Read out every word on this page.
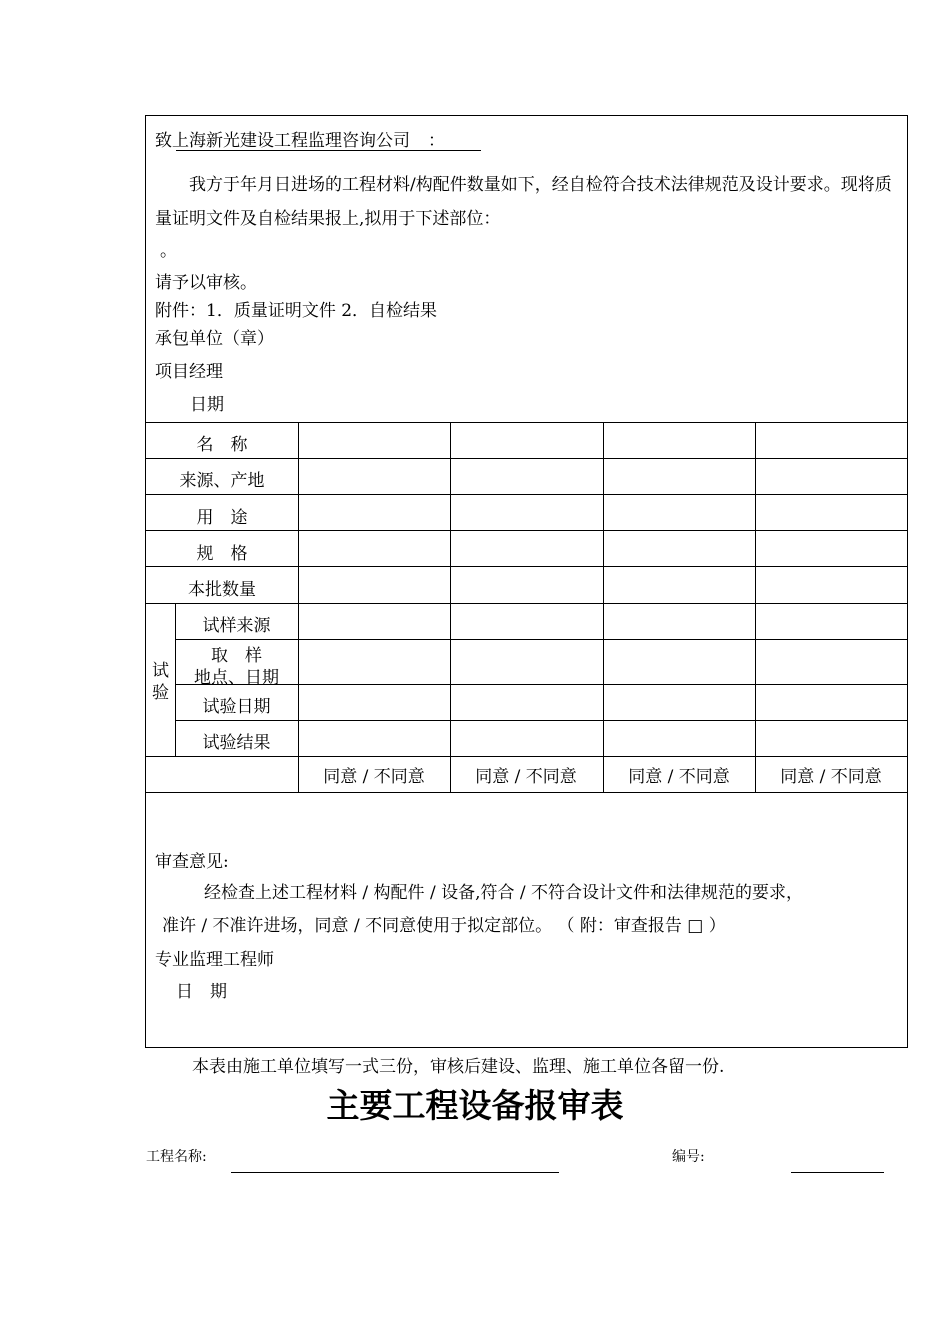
致上海新光建设工程监理咨询公司 ：
我方于年月日进场的工程材料/构配件数量如下，经自检符合技术法律规范及设计要求。现将质量证明文件及自检结果报上,拟用于下述部位：
。
请予以审核。
附件：1．质量证明文件 2．自检结果
承包单位（章）
项目经理
日期
名　称
来源、产地
用　途
规　格
本批数量
试验
试样来源
取　样
地点、日期
试验日期
试验结果
同意 / 不同意	同意 / 不同意	同意 / 不同意	同意 / 不同意
审查意见:
经检查上述工程材料 / 构配件 / 设备,符合 / 不符合设计文件和法律规范的要求，
准许 / 不准许进场，同意 / 不同意使用于拟定部位。 （ 附：审查报告 □ ）
专业监理工程师
日　期
本表由施工单位填写一式三份，审核后建设、监理、施工单位各留一份.
主要工程设备报审表
工程名称:	编号:
